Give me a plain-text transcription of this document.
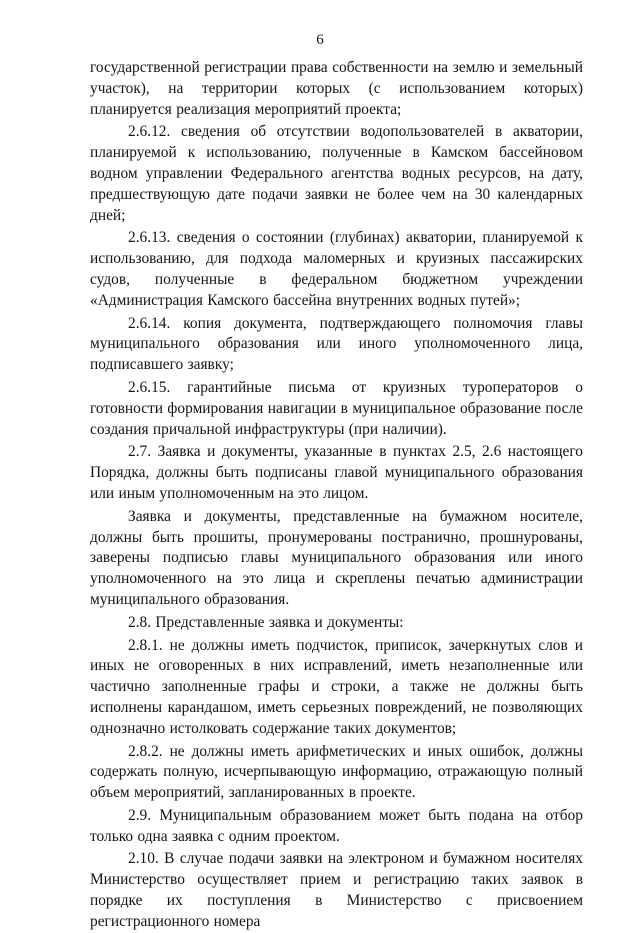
6

государственной регистрации права собственности на землю и земельный участок), на территории которых (с использованием которых) планируется реализация мероприятий проекта;

2.6.12. сведения об отсутствии водопользователей в акватории, планируемой к использованию, полученные в Камском бассейновом водном управлении Федерального агентства водных ресурсов, на дату, предшествующую дате подачи заявки не более чем на 30 календарных дней;

2.6.13. сведения о состоянии (глубинах) акватории, планируемой к использованию, для подхода маломерных и круизных пассажирских судов, полученные в федеральном бюджетном учреждении «Администрация Камского бассейна внутренних водных путей»;

2.6.14. копия документа, подтверждающего полномочия главы муниципального образования или иного уполномоченного лица, подписавшего заявку;

2.6.15. гарантийные письма от круизных туроператоров о готовности формирования навигации в муниципальное образование после создания причальной инфраструктуры (при наличии).

2.7. Заявка и документы, указанные в пунктах 2.5, 2.6 настоящего Порядка, должны быть подписаны главой муниципального образования или иным уполномоченным на это лицом.

Заявка и документы, представленные на бумажном носителе, должны быть прошиты, пронумерованы постранично, прошнурованы, заверены подписью главы муниципального образования или иного уполномоченного на это лица и скреплены печатью администрации муниципального образования.

2.8. Представленные заявка и документы:

2.8.1. не должны иметь подчисток, приписок, зачеркнутых слов и иных не оговоренных в них исправлений, иметь незаполненные или частично заполненные графы и строки, а также не должны быть исполнены карандашом, иметь серьезных повреждений, не позволяющих однозначно истолковать содержание таких документов;

2.8.2. не должны иметь арифметических и иных ошибок, должны содержать полную, исчерпывающую информацию, отражающую полный объем мероприятий, запланированных в проекте.

2.9. Муниципальным образованием может быть подана на отбор только одна заявка с одним проектом.

2.10. В случае подачи заявки на электроном и бумажном носителях Министерство осуществляет прием и регистрацию таких заявок в порядке их поступления в Министерство с присвоением регистрационного номера
